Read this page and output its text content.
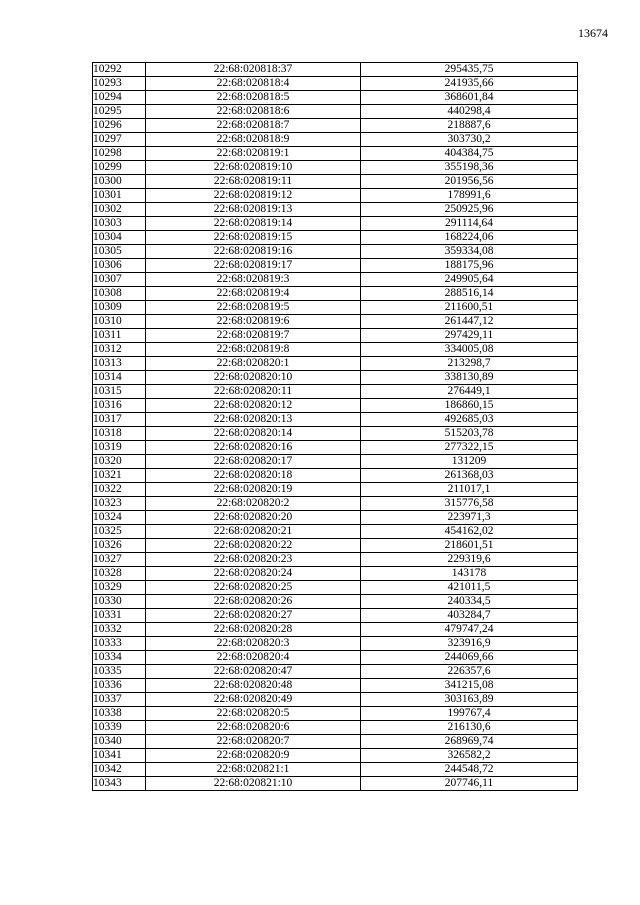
13674
10292	22:68:020818:37	295435,75
10293	22:68:020818:4	241935,66
10294	22:68:020818:5	368601,84
10295	22:68:020818:6	440298,4
10296	22:68:020818:7	218887,6
10297	22:68:020818:9	303730,2
10298	22:68:020819:1	404384,75
10299	22:68:020819:10	355198,36
10300	22:68:020819:11	201956,56
10301	22:68:020819:12	178991,6
10302	22:68:020819:13	250925,96
10303	22:68:020819:14	291114,64
10304	22:68:020819:15	168224,06
10305	22:68:020819:16	359334,08
10306	22:68:020819:17	188175,96
10307	22:68:020819:3	249905,64
10308	22:68:020819:4	288516,14
10309	22:68:020819:5	211600,51
10310	22:68:020819:6	261447,12
10311	22:68:020819:7	297429,11
10312	22:68:020819:8	334005,08
10313	22:68:020820:1	213298,7
10314	22:68:020820:10	338130,89
10315	22:68:020820:11	276449,1
10316	22:68:020820:12	186860,15
10317	22:68:020820:13	492685,03
10318	22:68:020820:14	515203,78
10319	22:68:020820:16	277322,15
10320	22:68:020820:17	131209
10321	22:68:020820:18	261368,03
10322	22:68:020820:19	211017,1
10323	22:68:020820:2	315776,58
10324	22:68:020820:20	223971,3
10325	22:68:020820:21	454162,02
10326	22:68:020820:22	218601,51
10327	22:68:020820:23	229319,6
10328	22:68:020820:24	143178
10329	22:68:020820:25	421011,5
10330	22:68:020820:26	240334,5
10331	22:68:020820:27	403284,7
10332	22:68:020820:28	479747,24
10333	22:68:020820:3	323916,9
10334	22:68:020820:4	244069,66
10335	22:68:020820:47	226357,6
10336	22:68:020820:48	341215,08
10337	22:68:020820:49	303163,89
10338	22:68:020820:5	199767,4
10339	22:68:020820:6	216130,6
10340	22:68:020820:7	268969,74
10341	22:68:020820:9	326582,2
10342	22:68:020821:1	244548,72
10343	22:68:020821:10	207746,11
